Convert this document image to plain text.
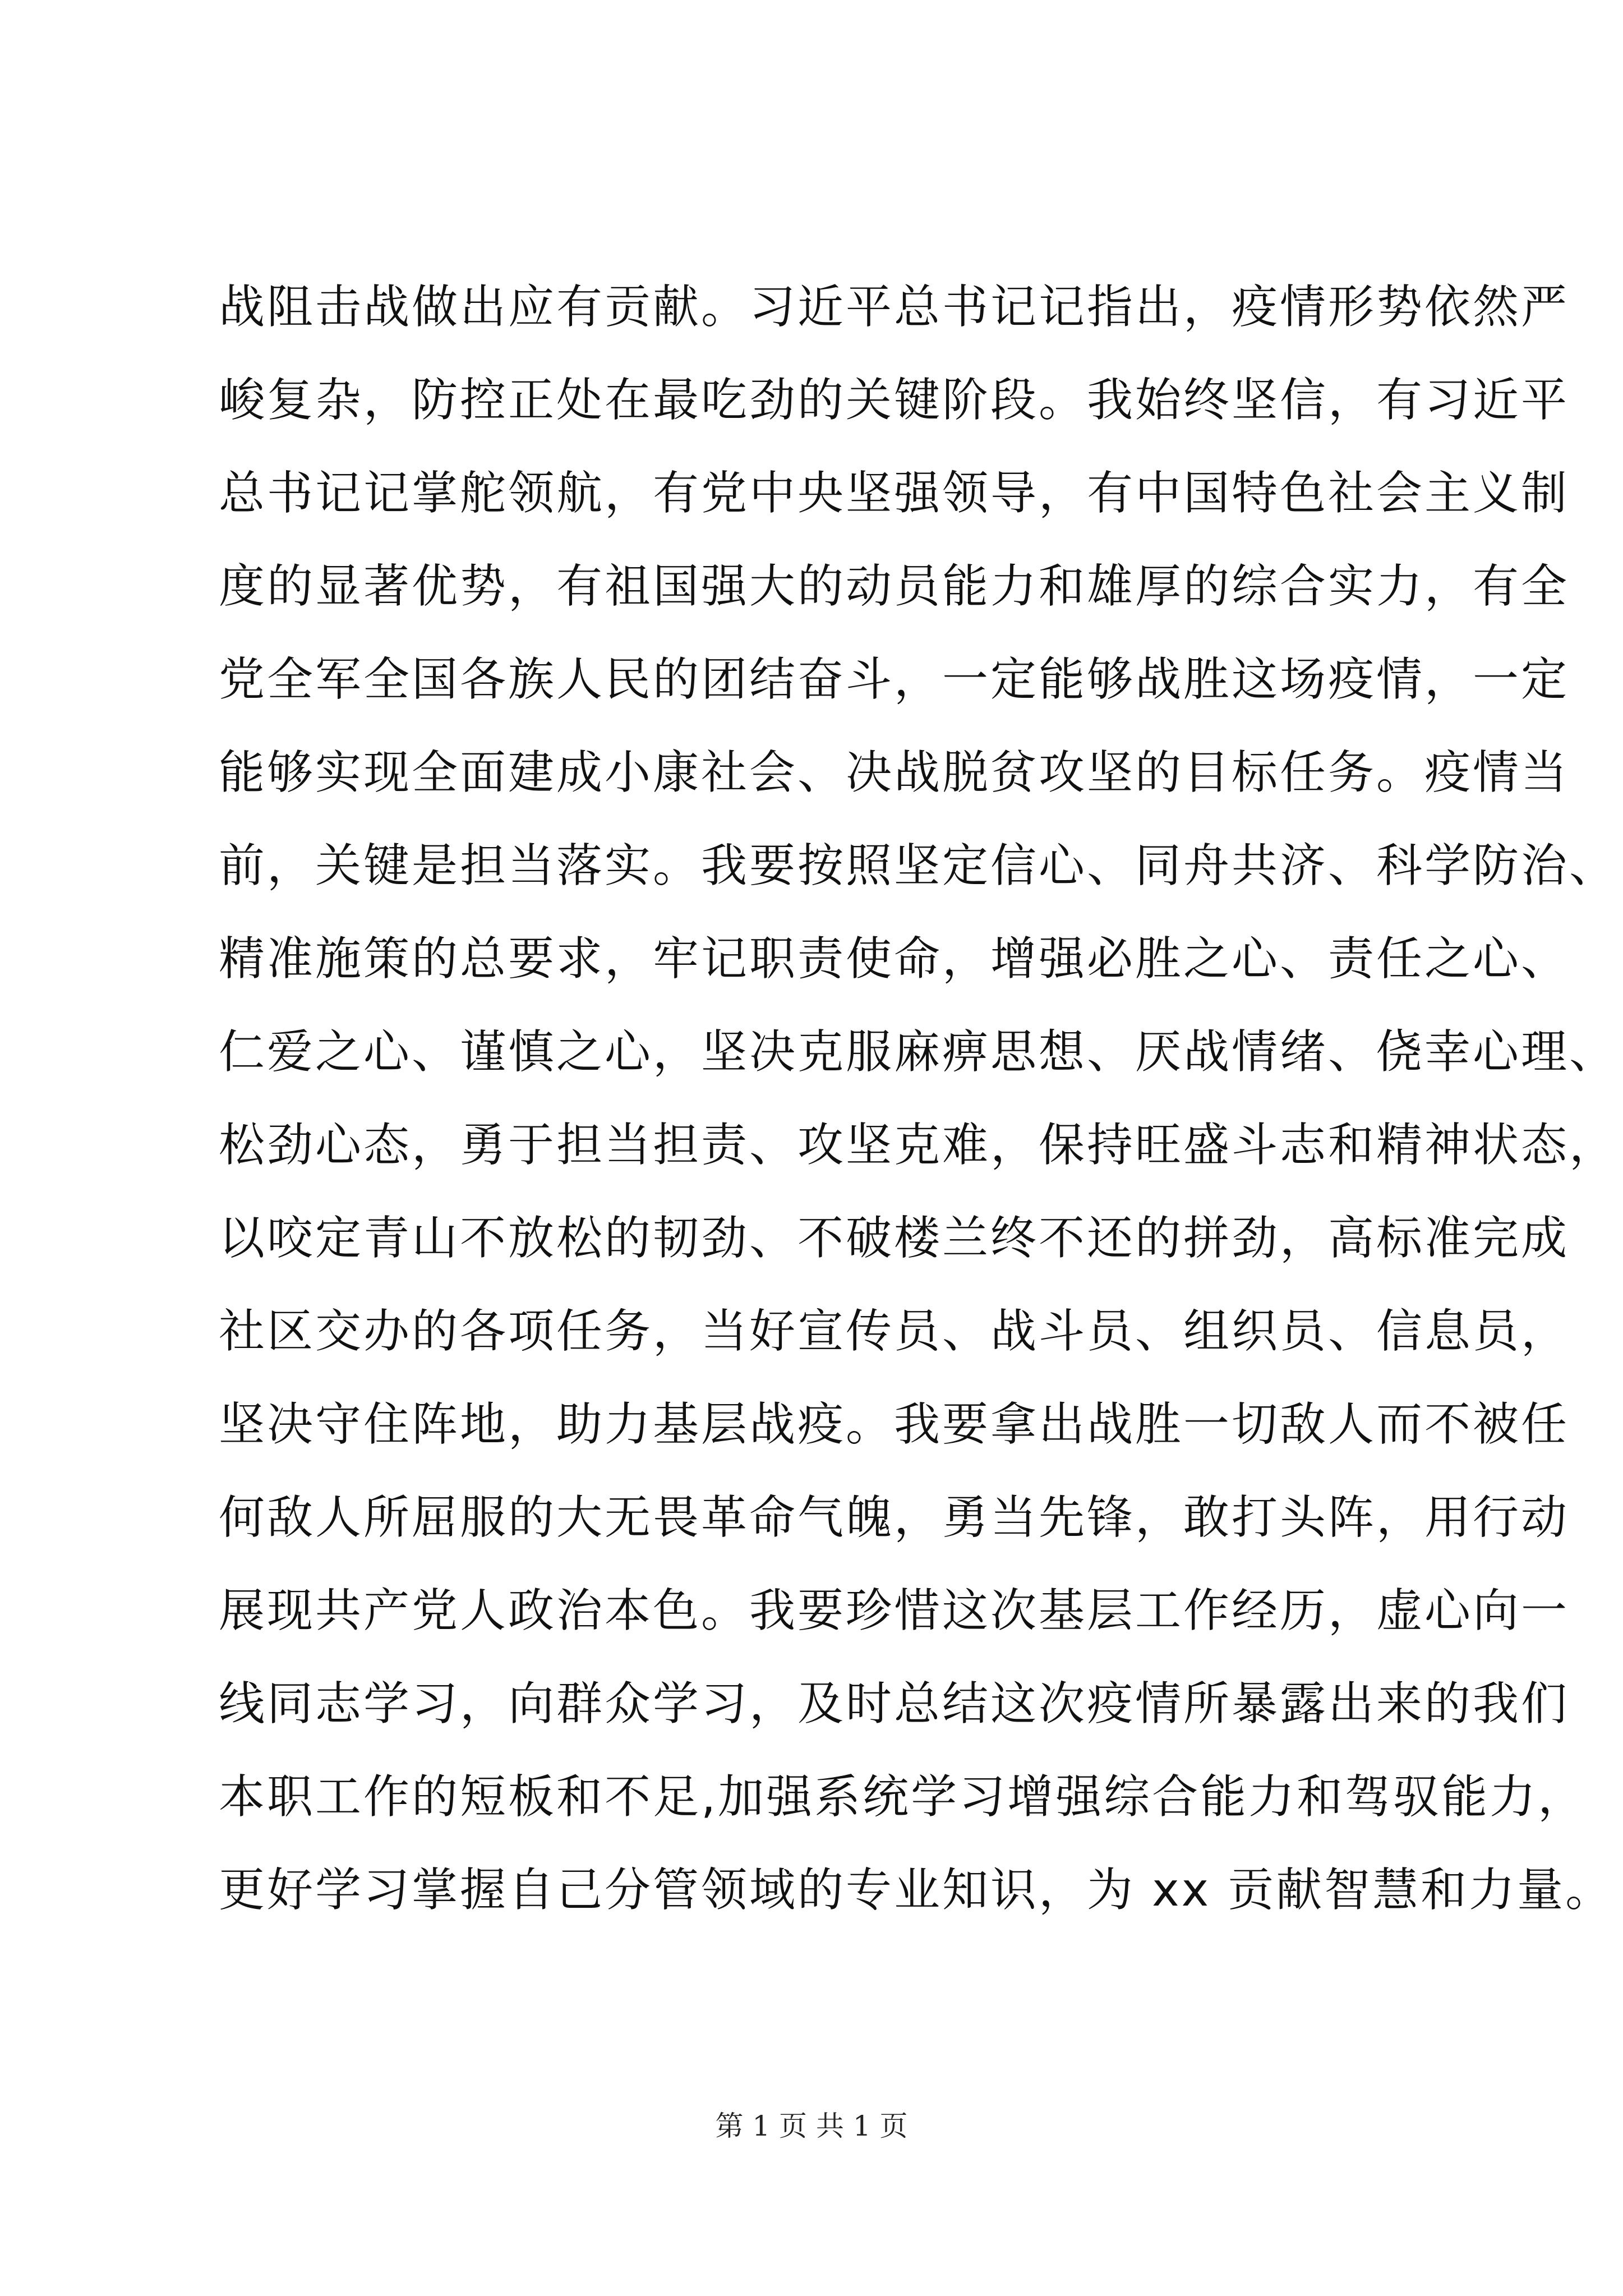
战阻击战做出应有贡献。习近平总书记记指出，疫情形势依然严
峻复杂，防控正处在最吃劲的关键阶段。我始终坚信，有习近平
总书记记掌舵领航，有党中央坚强领导，有中国特色社会主义制
度的显著优势，有祖国强大的动员能力和雄厚的综合实力，有全
党全军全国各族人民的团结奋斗，一定能够战胜这场疫情，一定
能够实现全面建成小康社会、决战脱贫攻坚的目标任务。疫情当
前，关键是担当落实。我要按照坚定信心、同舟共济、科学防治、
精准施策的总要求，牢记职责使命，增强必胜之心、责任之心、
仁爱之心、谨慎之心，坚决克服麻痹思想、厌战情绪、侥幸心理、
松劲心态，勇于担当担责、攻坚克难，保持旺盛斗志和精神状态，
以咬定青山不放松的韧劲、不破楼兰终不还的拼劲，高标准完成
社区交办的各项任务，当好宣传员、战斗员、组织员、信息员，
坚决守住阵地，助力基层战疫。我要拿出战胜一切敌人而不被任
何敌人所屈服的大无畏革命气魄，勇当先锋，敢打头阵，用行动
展现共产党人政治本色。我要珍惜这次基层工作经历，虚心向一
线同志学习，向群众学习，及时总结这次疫情所暴露出来的我们
本职工作的短板和不足,加强系统学习增强综合能力和驾驭能力，
更好学习掌握自己分管领域的专业知识，为 xx 贡献智慧和力量。
第 1 页 共 1 页
